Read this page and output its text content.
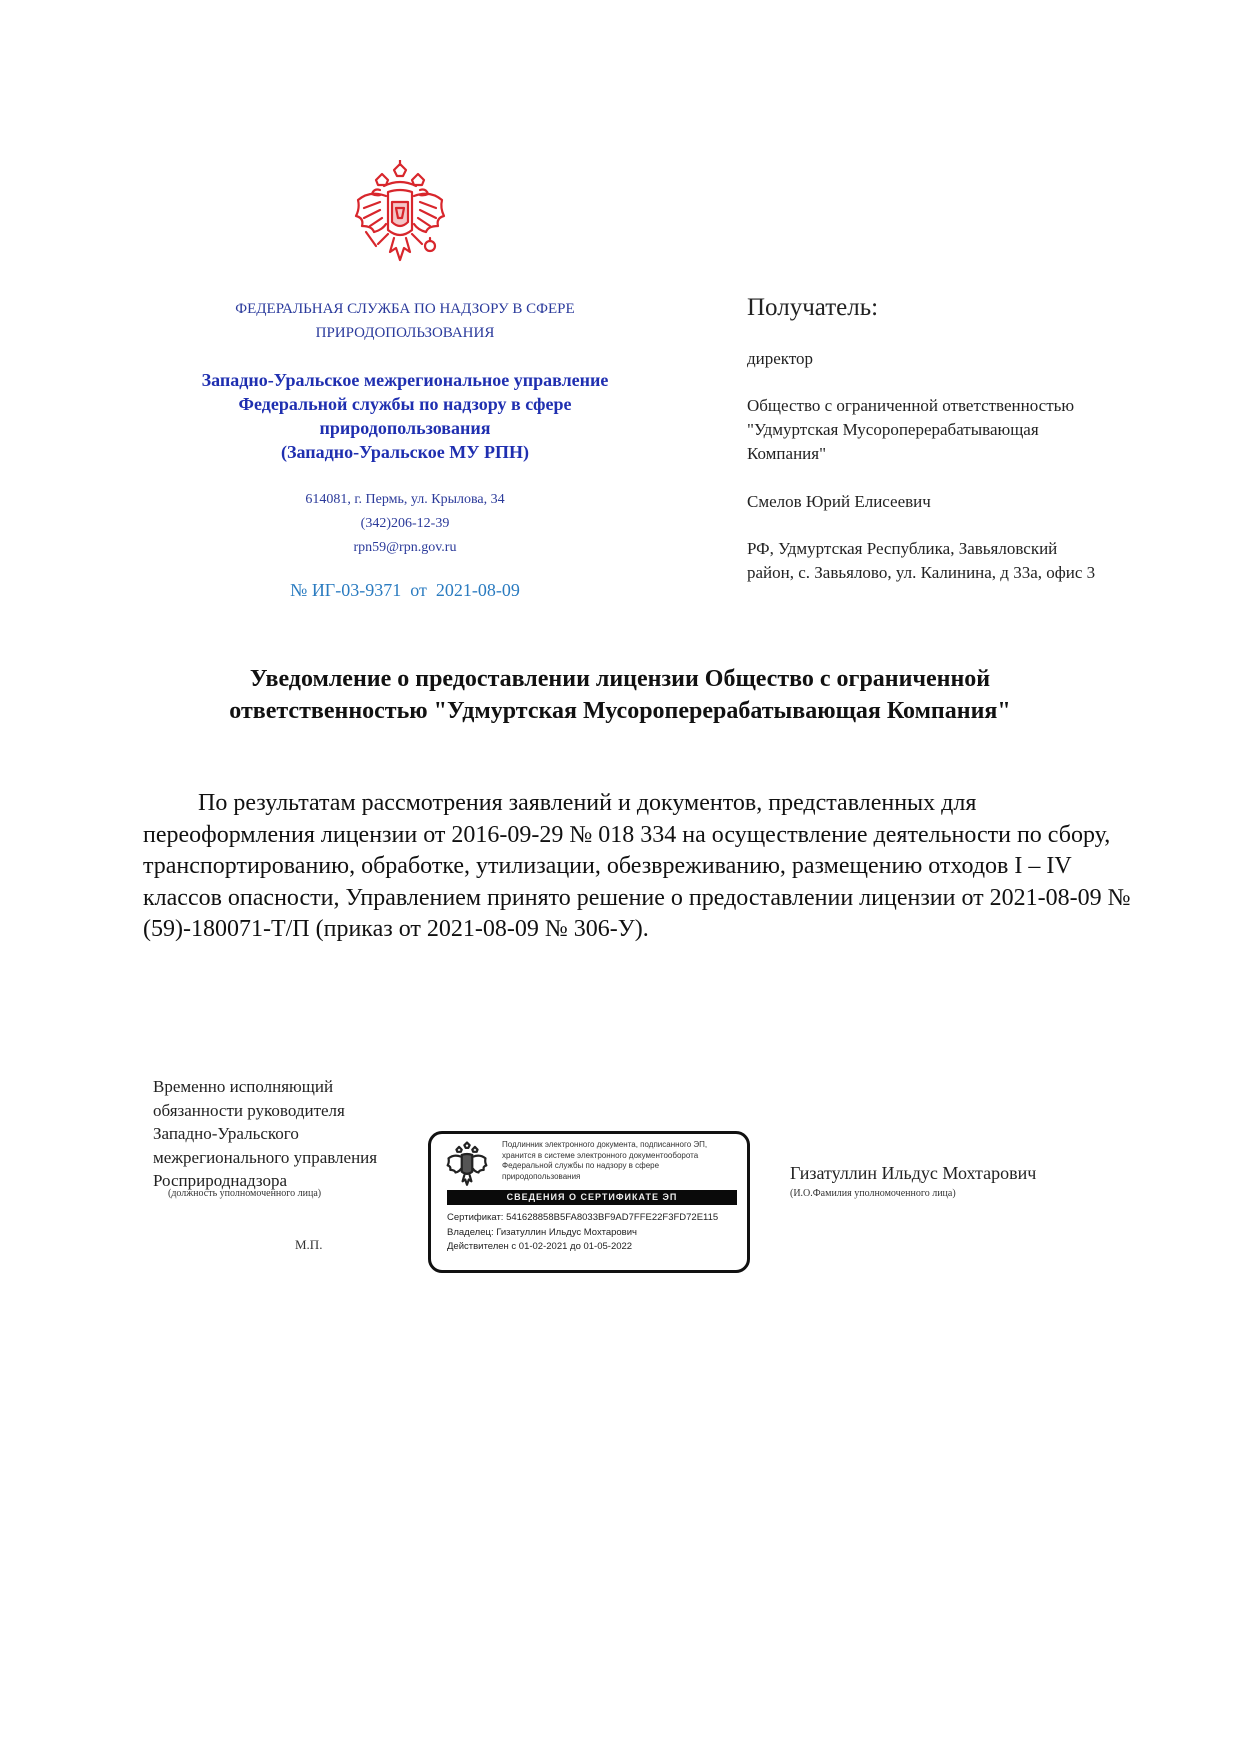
ФЕДЕРАЛЬНАЯ СЛУЖБА ПО НАДЗОРУ В СФЕРЕ
ПРИРОДОПОЛЬЗОВАНИЯ
Западно-Уральское межрегиональное управление
Федеральной службы по надзору в сфере
природопользования
(Западно-Уральское МУ РПН)
614081, г. Пермь, ул. Крылова, 34
(342)206-12-39
rpn59@rpn.gov.ru
№ ИГ-03-9371 от 2021-08-09
Получатель:
директор
Общество с ограниченной ответственностью
"Удмуртская Мусороперерабатывающая
Компания"
Смелов Юрий Елисеевич
РФ, Удмуртская Республика, Завьяловский
район, с. Завьялово, ул. Калинина, д 33а, офис 3
Уведомление о предоставлении лицензии Общество с ограниченной
ответственностью "Удмуртская Мусороперерабатывающая Компания"
По результатам рассмотрения заявлений и документов, представленных для переоформления лицензии от 2016-09-29 № 018 334 на осуществление деятельности по сбору, транспортированию, обработке, утилизации, обезвреживанию, размещению отходов I – IV классов опасности, Управлением принято решение о предоставлении лицензии от 2021-08-09 № (59)-180071-Т/П (приказ от 2021-08-09 № 306-У).
Временно исполняющий
обязанности руководителя
Западно-Уральского
межрегионального управления
Росприроднадзора
(должность уполномоченного лица)
М.П.
Подлинник электронного документа, подписанного ЭП,
хранится в системе электронного документооборота
Федеральной службы по надзору в сфере
природопользования
СВЕДЕНИЯ О СЕРТИФИКАТЕ ЭП
Сертификат: 541628858B5FA8033BF9AD7FFE22F3FD72E115
Владелец: Гизатуллин Ильдус Мохтарович
Действителен с 01-02-2021 до 01-05-2022
Гизатуллин Ильдус Мохтарович
(И.О.Фамилия уполномоченного лица)
